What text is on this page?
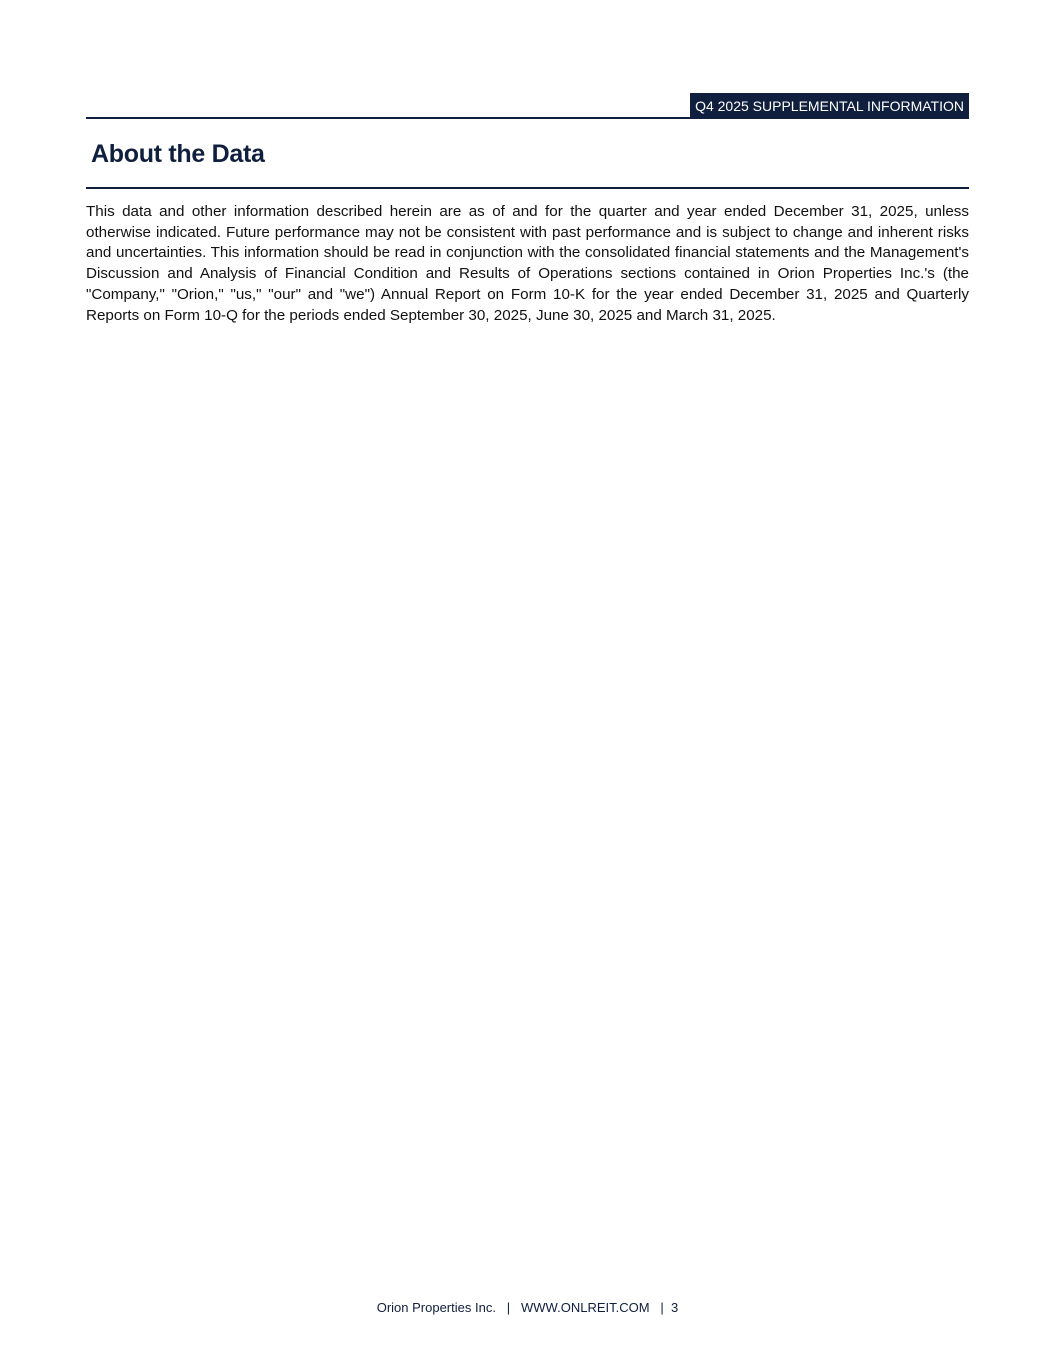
Q4 2025 SUPPLEMENTAL INFORMATION
About the Data

This data and other information described herein are as of and for the quarter and year ended December 31, 2025, unless otherwise indicated. Future performance may not be consistent with past performance and is subject to change and inherent risks and uncertainties. This information should be read in conjunction with the consolidated financial statements and the Management's Discussion and Analysis of Financial Condition and Results of Operations sections contained in Orion Properties Inc.'s (the "Company," "Orion," "us," "our" and "we") Annual Report on Form 10-K for the year ended December 31, 2025 and Quarterly Reports on Form 10-Q for the periods ended September 30, 2025, June 30, 2025 and March 31, 2025.

Orion Properties Inc. | WWW.ONLREIT.COM | 3
